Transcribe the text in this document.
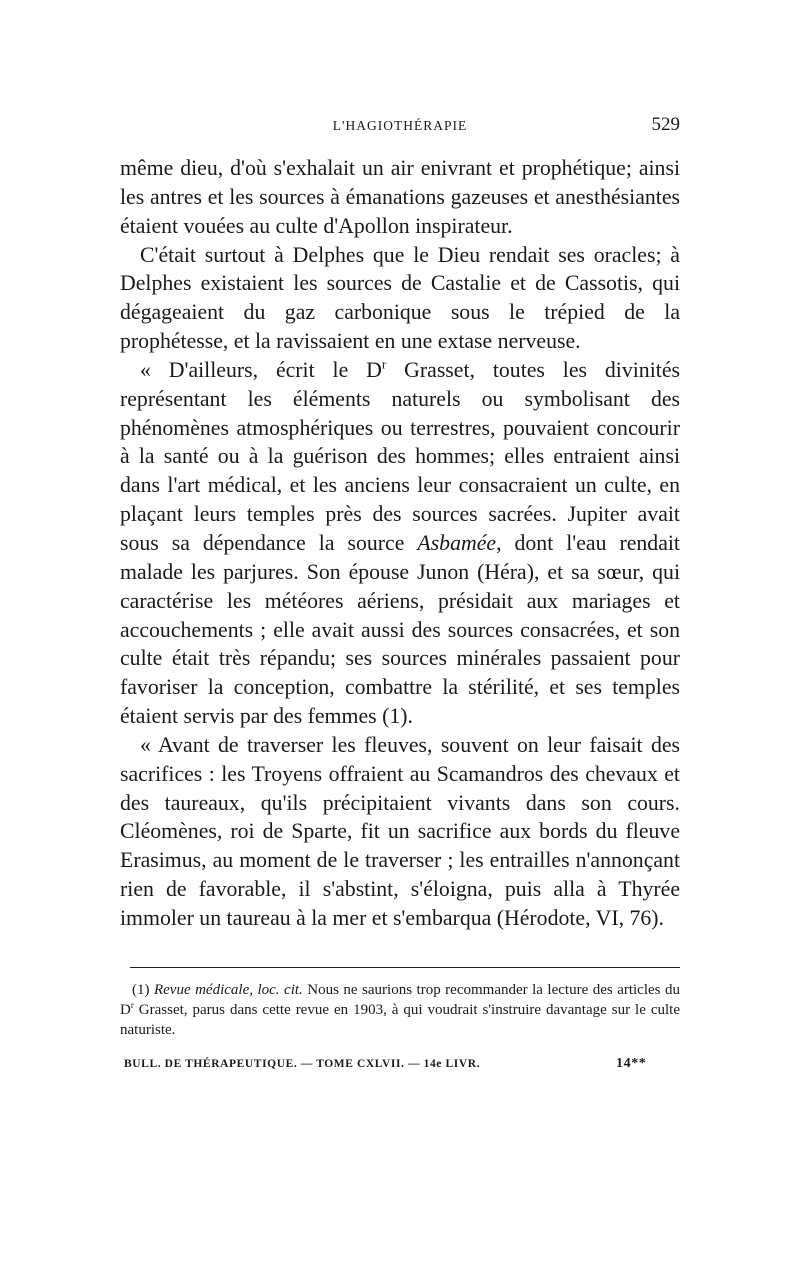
L'HAGIOTHÉRAPIE	529

même dieu, d'où s'exhalait un air enivrant et prophétique; ainsi les antres et les sources à émanations gazeuses et anesthésiantes étaient vouées au culte d'Apollon inspirateur.

C'était surtout à Delphes que le Dieu rendait ses oracles; à Delphes existaient les sources de Castalie et de Cassotis, qui dégageaient du gaz carbonique sous le trépied de la prophétesse, et la ravissaient en une extase nerveuse.

« D'ailleurs, écrit le $D^r$ Grasset, toutes les divinités représentant les éléments naturels ou symbolisant des phénomènes atmosphériques ou terrestres, pouvaient concourir à la santé ou à la guérison des hommes; elles entraient ainsi dans l'art médical, et les anciens leur consacraient un culte, en plaçant leurs temples près des sources sacrées. Jupiter avait sous sa dépendance la source Asbamée, dont l'eau rendait malade les parjures. Son épouse Junon (Héra), et sa sœur, qui caractérise les météores aériens, présidait aux mariages et accouchements ; elle avait aussi des sources consacrées, et son culte était très répandu; ses sources minérales passaient pour favoriser la conception, combattre la stérilité, et ses temples étaient servis par des femmes (1).

« Avant de traverser les fleuves, souvent on leur faisait des sacrifices : les Troyens offraient au Scamandros des chevaux et des taureaux, qu'ils précipitaient vivants dans son cours. Cléomènes, roi de Sparte, fit un sacrifice aux bords du fleuve Erasimus, au moment de le traverser ; les entrailles n'annonçant rien de favorable, il s'abstint, s'éloigna, puis alla à Thyrée immoler un taureau à la mer et s'embarqua (Hérodote, VI, 76).

(1) Revue médicale, loc. cit. Nous ne saurions trop recommander la lecture des articles du $D^r$ Grasset, parus dans cette revue en 1903, à qui voudrait s'instruire davantage sur le culte naturiste.

BULL. DE THÉRAPEUTIQUE. — TOME CXLVII. — 14e LIVR.	14**
